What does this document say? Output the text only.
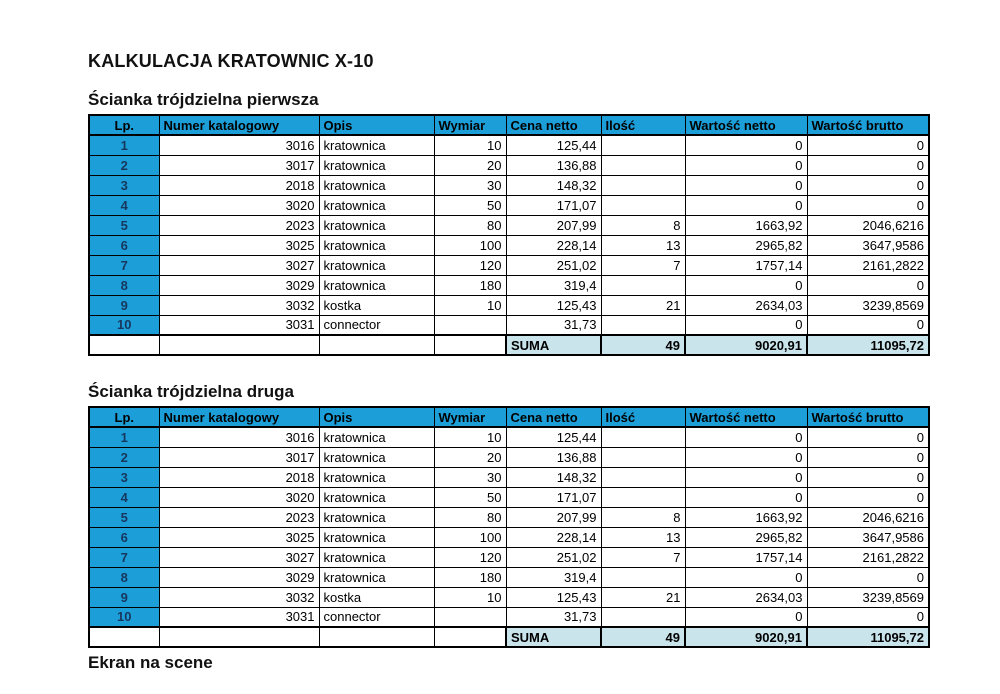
KALKULACJA KRATOWNIC X-10
Ścianka trójdzielna pierwsza
Lp.	Numer katalogowy	Opis	Wymiar	Cena netto	Ilość	Wartość netto	Wartość brutto
1	3016	kratownica	10	125,44		0	0
2	3017	kratownica	20	136,88		0	0
3	2018	kratownica	30	148,32		0	0
4	3020	kratownica	50	171,07		0	0
5	2023	kratownica	80	207,99	8	1663,92	2046,6216
6	3025	kratownica	100	228,14	13	2965,82	3647,9586
7	3027	kratownica	120	251,02	7	1757,14	2161,2822
8	3029	kratownica	180	319,4		0	0
9	3032	kostka	10	125,43	21	2634,03	3239,8569
10	3031	connector		31,73		0	0
				SUMA	49	9020,91	11095,72
Ścianka trójdzielna druga
Lp.	Numer katalogowy	Opis	Wymiar	Cena netto	Ilość	Wartość netto	Wartość brutto
1	3016	kratownica	10	125,44		0	0
2	3017	kratownica	20	136,88		0	0
3	2018	kratownica	30	148,32		0	0
4	3020	kratownica	50	171,07		0	0
5	2023	kratownica	80	207,99	8	1663,92	2046,6216
6	3025	kratownica	100	228,14	13	2965,82	3647,9586
7	3027	kratownica	120	251,02	7	1757,14	2161,2822
8	3029	kratownica	180	319,4		0	0
9	3032	kostka	10	125,43	21	2634,03	3239,8569
10	3031	connector		31,73		0	0
				SUMA	49	9020,91	11095,72
Ekran na scene
